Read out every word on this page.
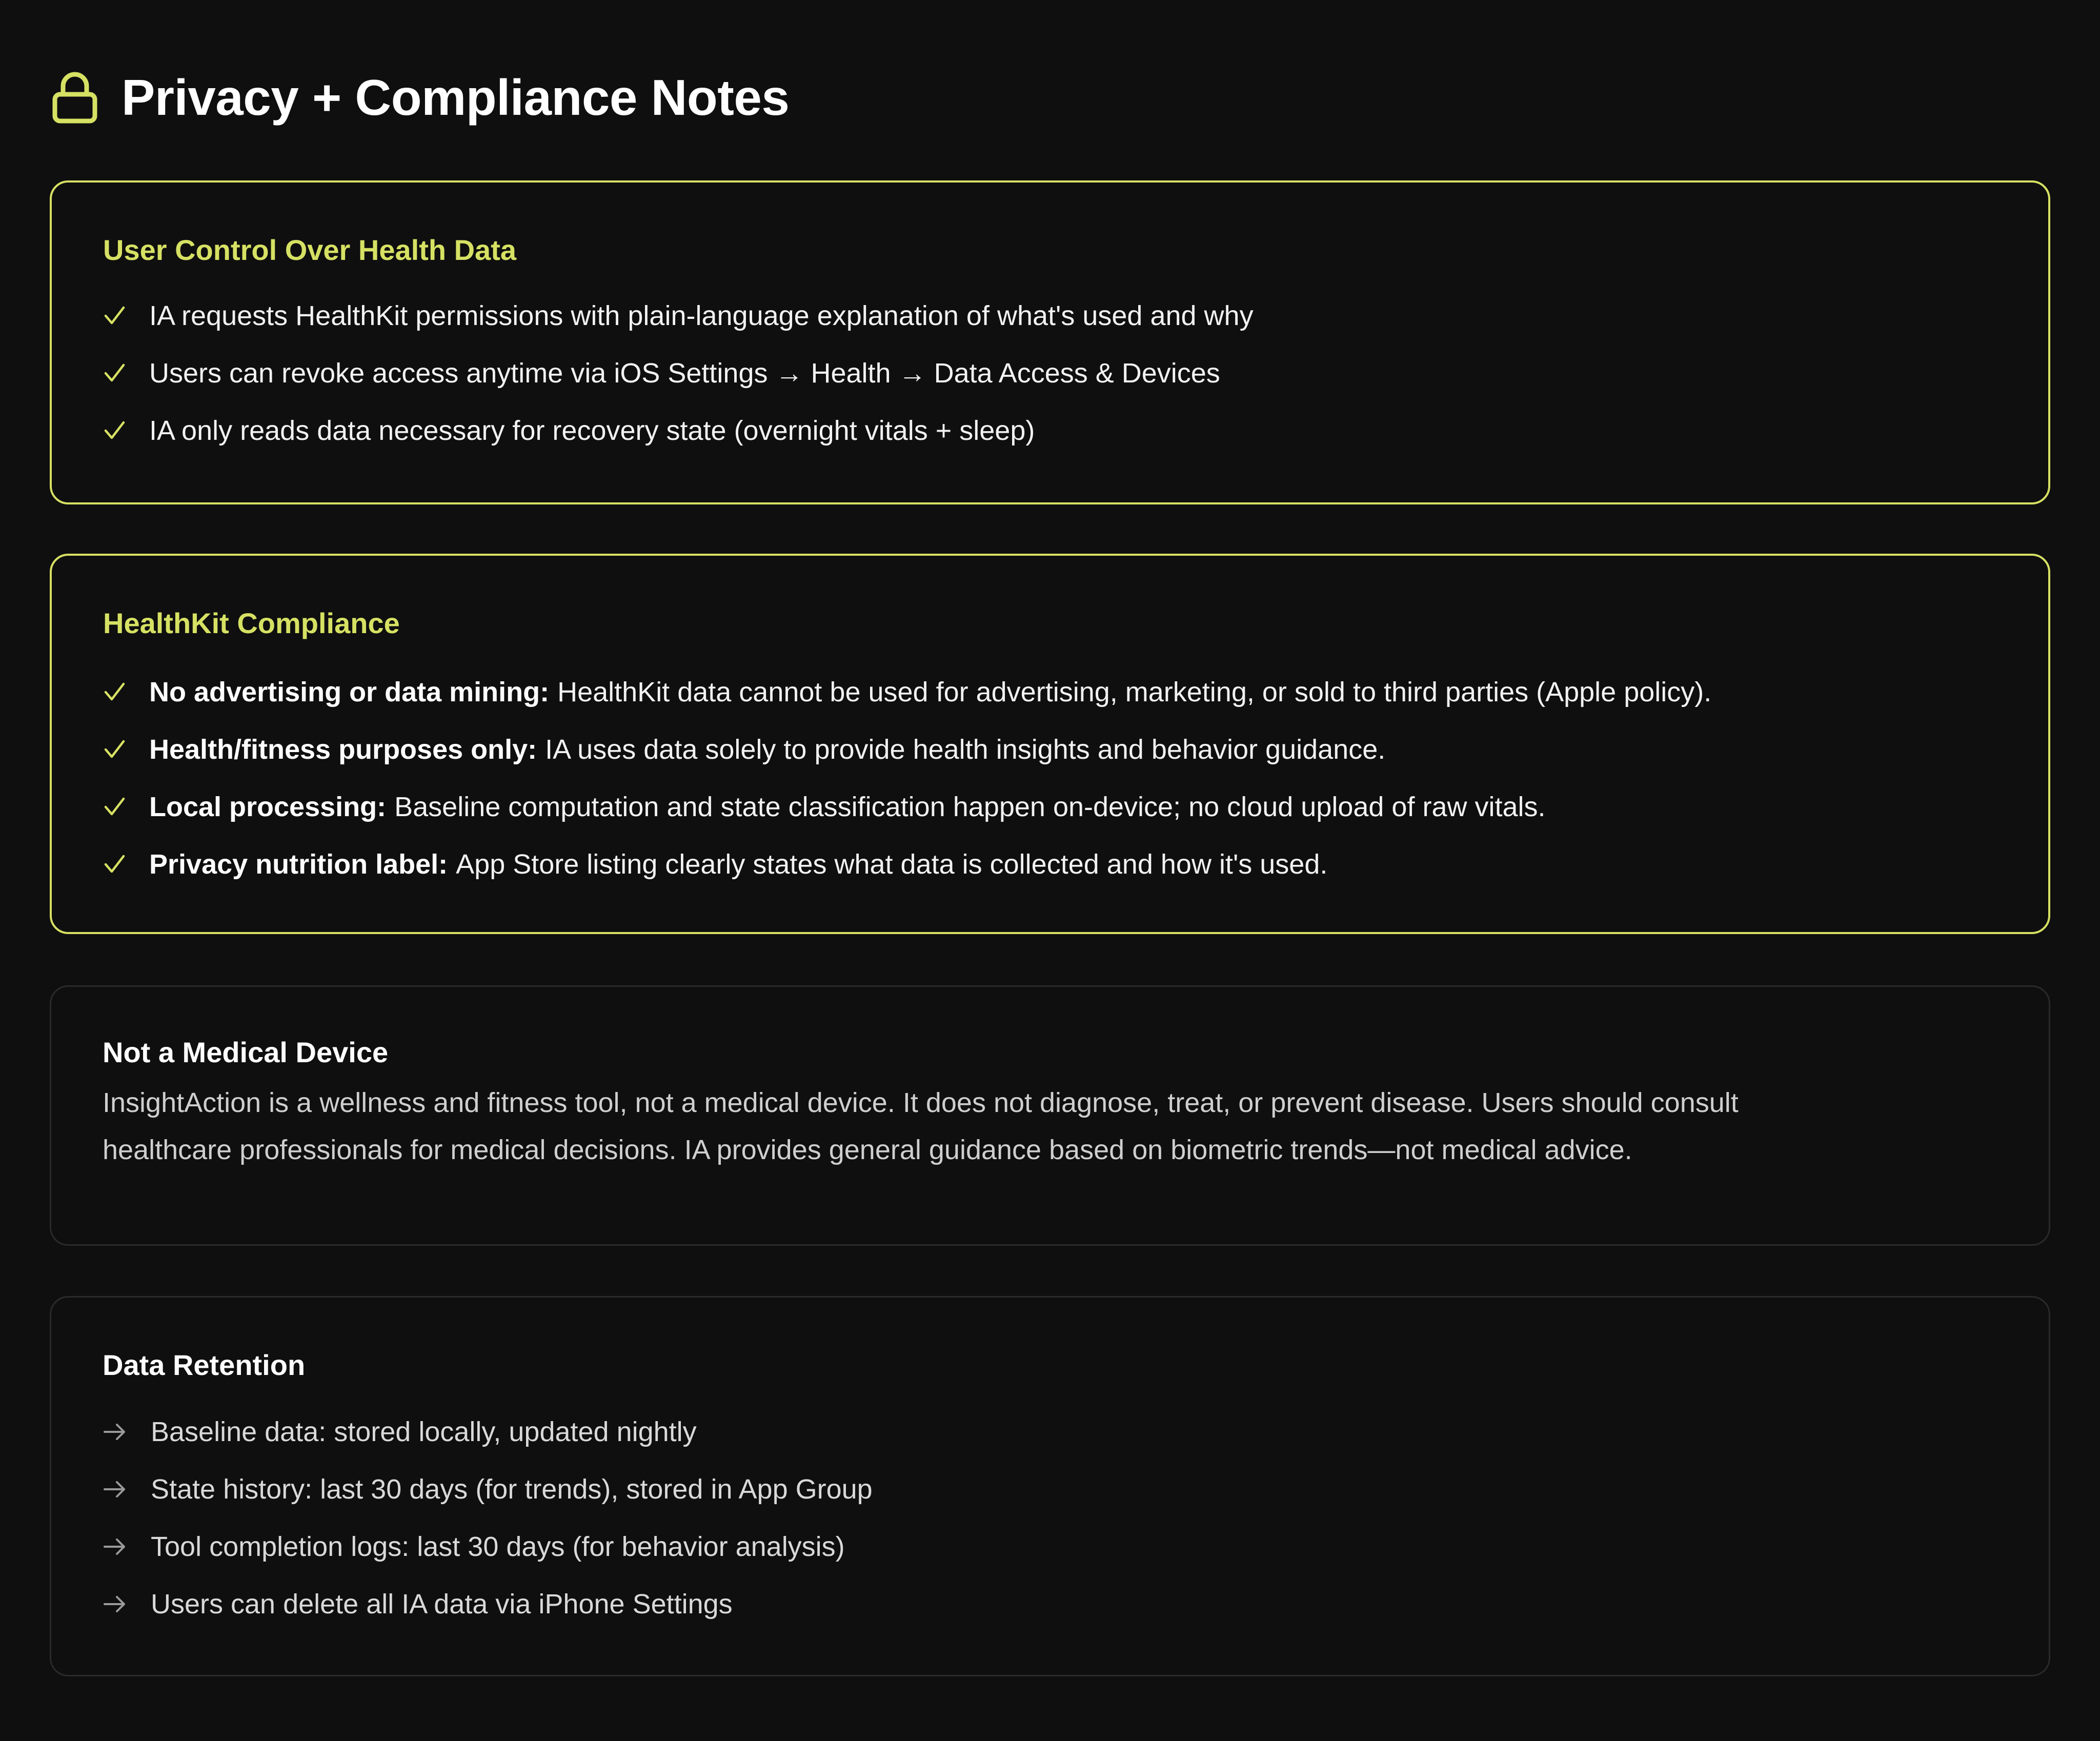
Privacy + Compliance Notes
User Control Over Health Data
IA requests HealthKit permissions with plain-language explanation of what's used and why
Users can revoke access anytime via iOS Settings → Health → Data Access & Devices
IA only reads data necessary for recovery state (overnight vitals + sleep)
HealthKit Compliance
No advertising or data mining: HealthKit data cannot be used for advertising, marketing, or sold to third parties (Apple policy).
Health/fitness purposes only: IA uses data solely to provide health insights and behavior guidance.
Local processing: Baseline computation and state classification happen on-device; no cloud upload of raw vitals.
Privacy nutrition label: App Store listing clearly states what data is collected and how it's used.
Not a Medical Device
InsightAction is a wellness and fitness tool, not a medical device. It does not diagnose, treat, or prevent disease. Users should consult
healthcare professionals for medical decisions. IA provides general guidance based on biometric trends—not medical advice.
Data Retention
Baseline data: stored locally, updated nightly
State history: last 30 days (for trends), stored in App Group
Tool completion logs: last 30 days (for behavior analysis)
Users can delete all IA data via iPhone Settings
